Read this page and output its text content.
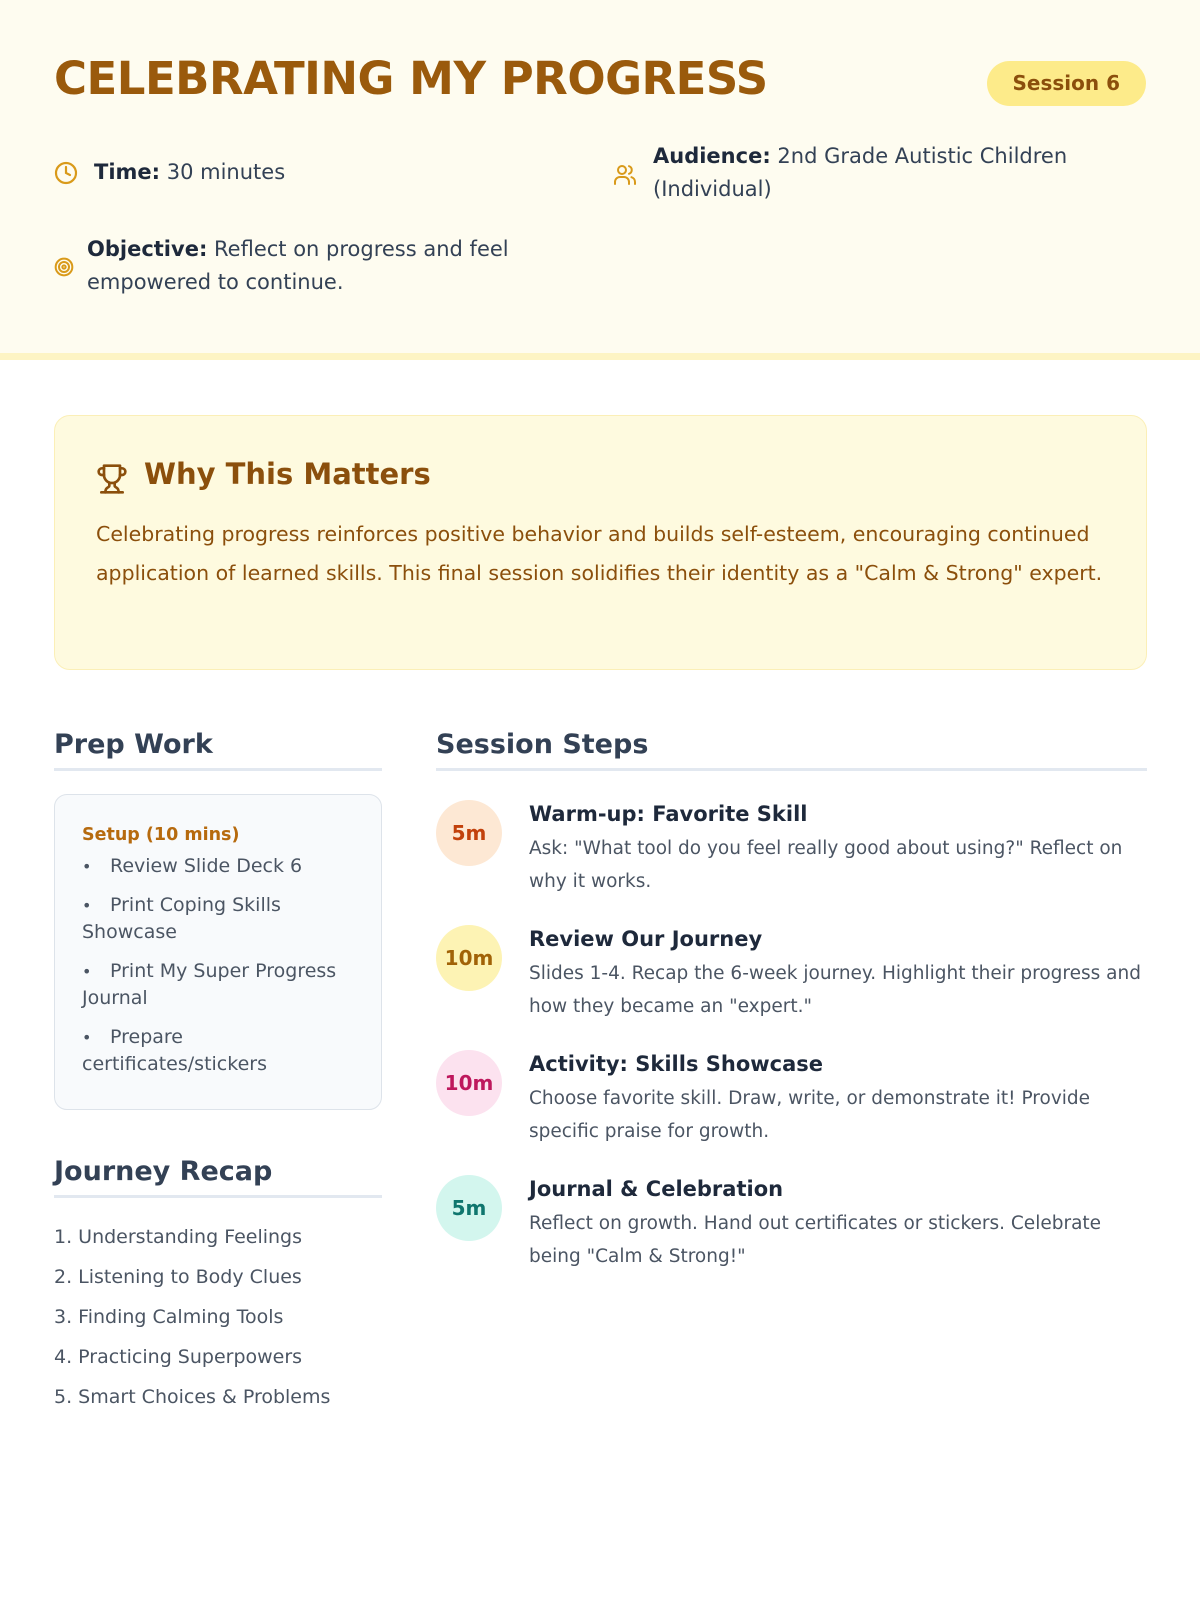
CELEBRATING MY PROGRESS	Session 6
Time: 30 minutes
Audience: 2nd Grade Autistic Children (Individual)
Objective: Reflect on progress and feel empowered to continue.
Why This Matters
Celebrating progress reinforces positive behavior and builds self-esteem, encouraging continued application of learned skills. This final session solidifies their identity as a "Calm & Strong" expert.
Prep Work
Setup (10 mins)
• Review Slide Deck 6
• Print Coping Skills Showcase
• Print My Super Progress Journal
• Prepare certificates/stickers
Journey Recap
1. Understanding Feelings
2. Listening to Body Clues
3. Finding Calming Tools
4. Practicing Superpowers
5. Smart Choices & Problems
Session Steps
5m
Warm-up: Favorite Skill
Ask: "What tool do you feel really good about using?" Reflect on why it works.
10m
Review Our Journey
Slides 1-4. Recap the 6-week journey. Highlight their progress and how they became an "expert."
10m
Activity: Skills Showcase
Choose favorite skill. Draw, write, or demonstrate it! Provide specific praise for growth.
5m
Journal & Celebration
Reflect on growth. Hand out certificates or stickers. Celebrate being "Calm & Strong!"
